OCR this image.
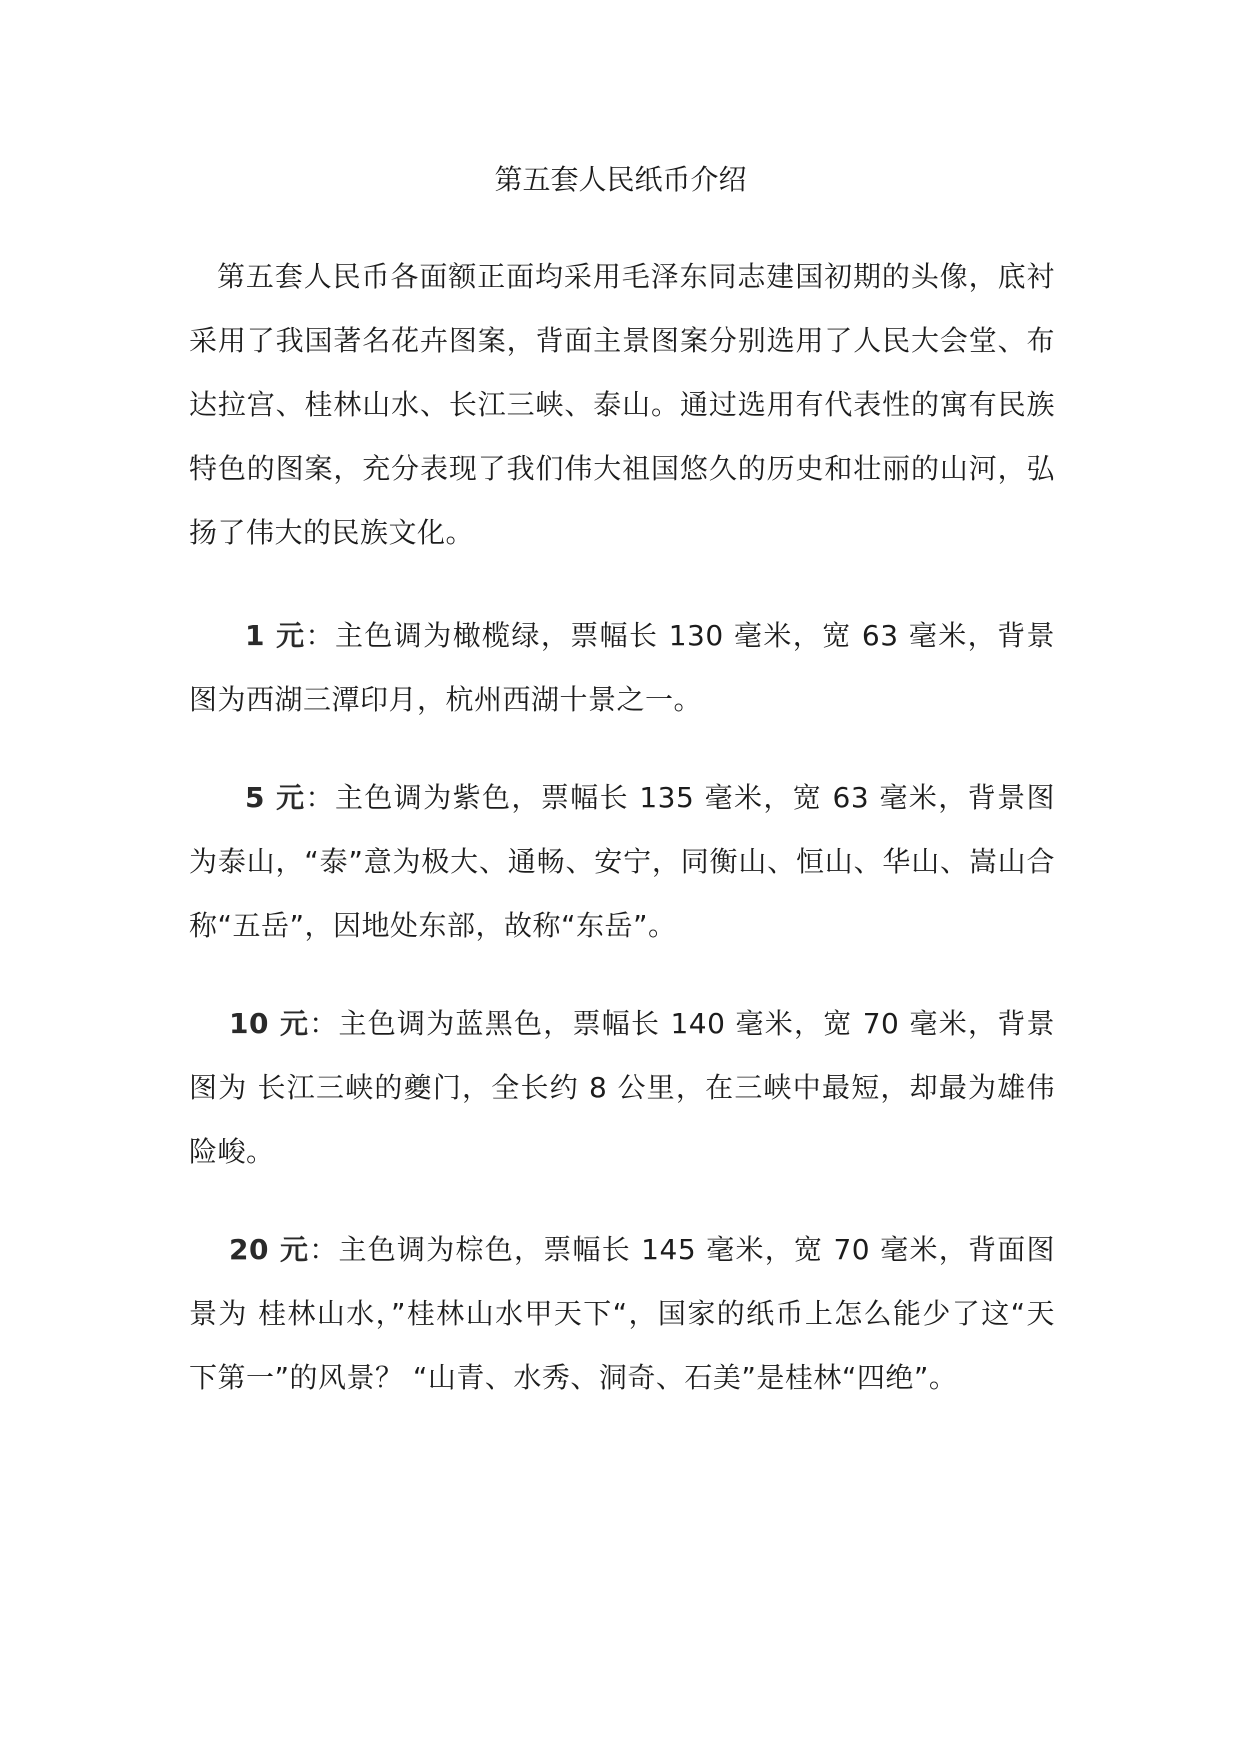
第五套人民纸币介绍

第五套人民币各面额正面均采用毛泽东同志建国初期的头像，底衬采用了我国著名花卉图案，背面主景图案分别选用了人民大会堂、布达拉宫、桂林山水、长江三峡、泰山。通过选用有代表性的寓有民族特色的图案，充分表现了我们伟大祖国悠久的历史和壮丽的山河，弘扬了伟大的民族文化。

1 元：主色调为橄榄绿，票幅长 130 毫米，宽 63 毫米，背景图为西湖三潭印月，杭州西湖十景之一。

5 元：主色调为紫色，票幅长 135 毫米，宽 63 毫米，背景图为泰山，“泰”意为极大、通畅、安宁，同衡山、恒山、华山、嵩山合称“五岳”，因地处东部，故称“东岳”。

10 元：主色调为蓝黑色，票幅长 140 毫米，宽 70 毫米，背景图为 长江三峡的夔门，全长约 8 公里，在三峡中最短，却最为雄伟险峻。

20 元：主色调为棕色，票幅长 145 毫米，宽 70 毫米，背面图景为 桂林山水，”桂林山水甲天下“，国家的纸币上怎么能少了这“天下第一”的风景？ “山青、水秀、洞奇、石美”是桂林“四绝”。
